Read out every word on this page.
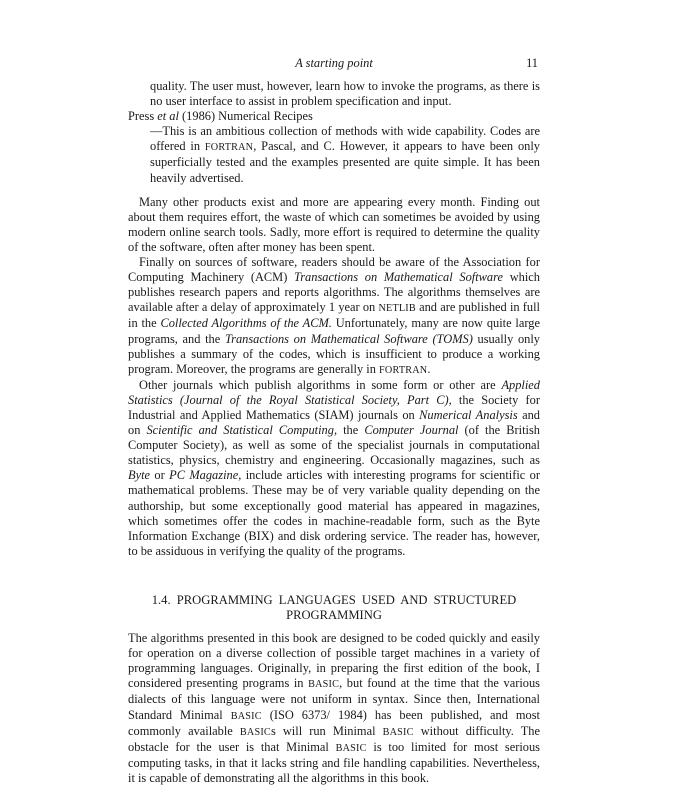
A starting point	11

quality. The user must, however, learn how to invoke the programs, as there is no user interface to assist in problem specification and input.

Press et al (1986) Numerical Recipes

—This is an ambitious collection of methods with wide capability. Codes are offered in FORTRAN, Pascal, and C. However, it appears to have been only superficially tested and the examples presented are quite simple. It has been heavily advertised.

Many other products exist and more are appearing every month. Finding out about them requires effort, the waste of which can sometimes be avoided by using modern online search tools. Sadly, more effort is required to determine the quality of the software, often after money has been spent.

Finally on sources of software, readers should be aware of the Association for Computing Machinery (ACM) Transactions on Mathematical Software which publishes research papers and reports algorithms. The algorithms themselves are available after a delay of approximately 1 year on NETLIB and are published in full in the Collected Algorithms of the ACM. Unfortunately, many are now quite large programs, and the Transactions on Mathematical Software (TOMS) usually only publishes a summary of the codes, which is insufficient to produce a working program. Moreover, the programs are generally in FORTRAN.

Other journals which publish algorithms in some form or other are Applied Statistics (Journal of the Royal Statistical Society, Part C), the Society for Industrial and Applied Mathematics (SIAM) journals on Numerical Analysis and on Scientific and Statistical Computing, the Computer Journal (of the British Computer Society), as well as some of the specialist journals in computational statistics, physics, chemistry and engineering. Occasionally magazines, such as Byte or PC Magazine, include articles with interesting programs for scientific or mathematical problems. These may be of very variable quality depending on the authorship, but some exceptionally good material has appeared in magazines, which sometimes offer the codes in machine-readable form, such as the Byte Information Exchange (BIX) and disk ordering service. The reader has, however, to be assiduous in verifying the quality of the programs.

1.4. PROGRAMMING LANGUAGES USED AND STRUCTURED
PROGRAMMING

The algorithms presented in this book are designed to be coded quickly and easily for operation on a diverse collection of possible target machines in a variety of programming languages. Originally, in preparing the first edition of the book, I considered presenting programs in BASIC, but found at the time that the various dialects of this language were not uniform in syntax. Since then, International Standard Minimal BASIC (ISO 6373/ 1984) has been published, and most commonly available BASICs will run Minimal BASIC without difficulty. The obstacle for the user is that Minimal BASIC is too limited for most serious computing tasks, in that it lacks string and file handling capabilities. Nevertheless, it is capable of demonstrating all the algorithms in this book.
